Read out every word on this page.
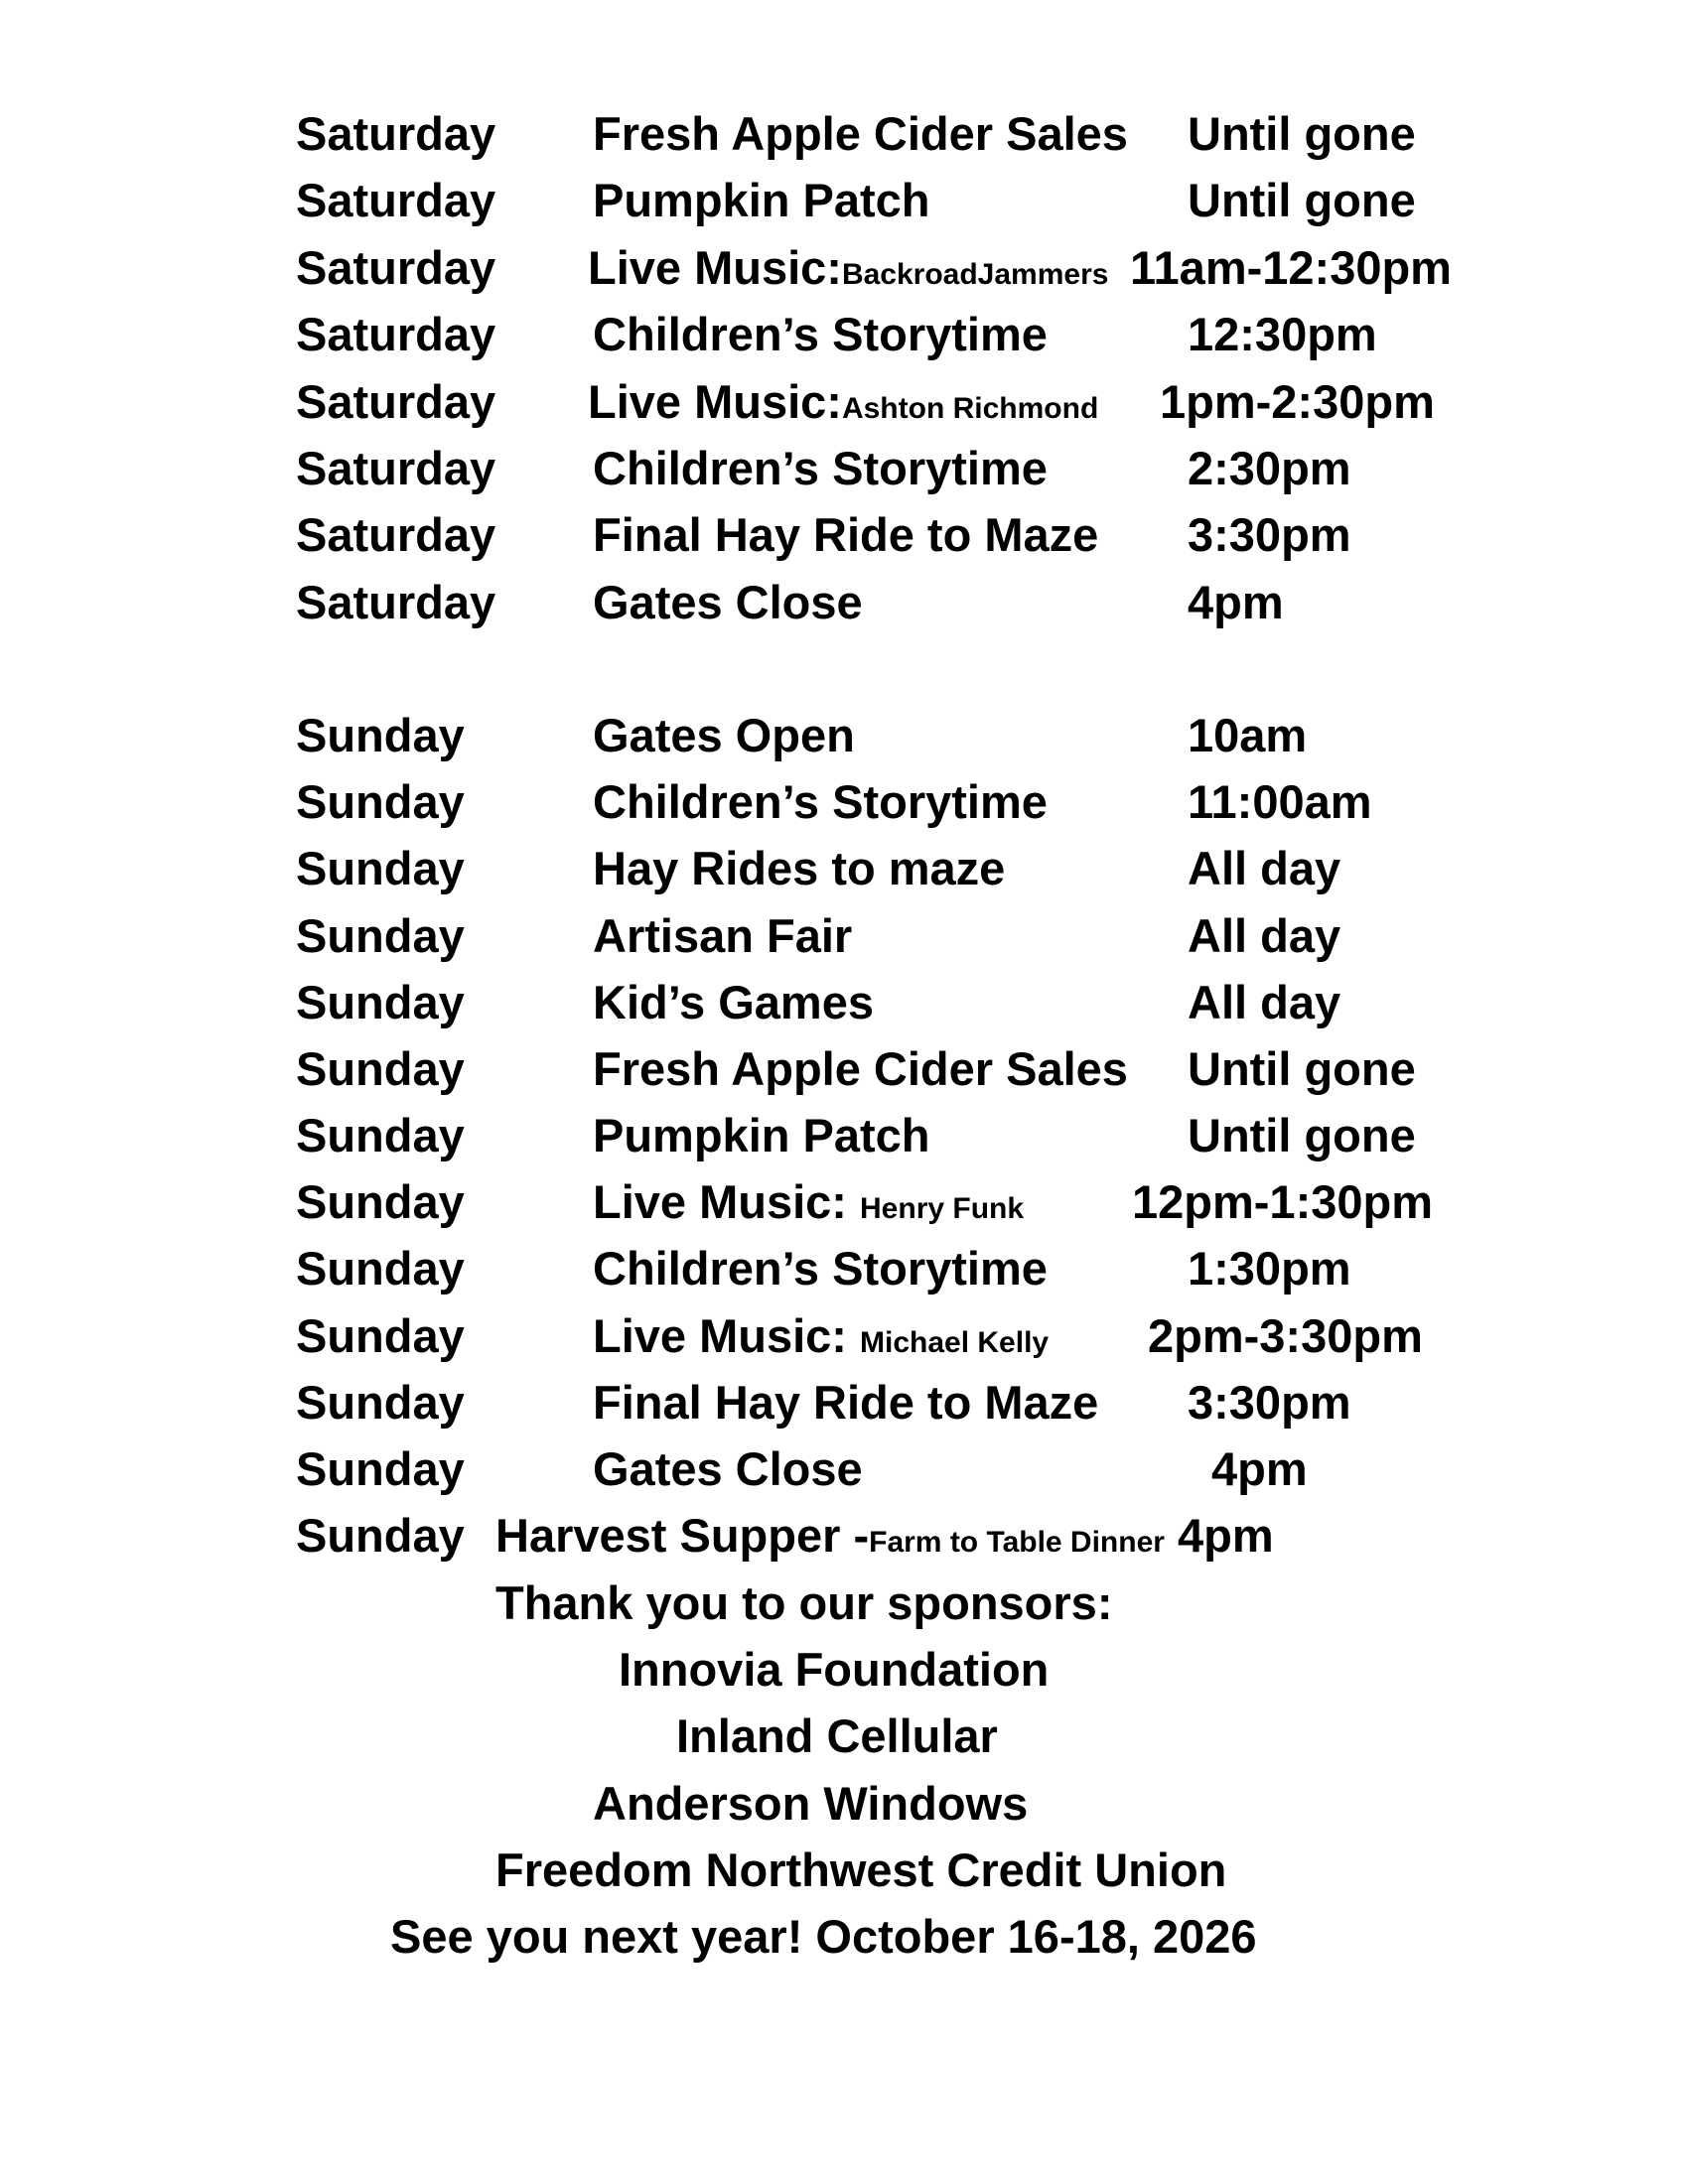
Saturday Fresh Apple Cider Sales Until gone
Saturday Pumpkin Patch	Until gone
Saturday Live Music:BackroadJammers 11am-12:30pm
Saturday Children’s Storytime	12:30pm
Saturday Live Music:Ashton Richmond 1pm-2:30pm
Saturday Children’s Storytime	2:30pm
Saturday Final Hay Ride to Maze 3:30pm
Saturday Gates Close	4pm
Sunday	Gates Open	10am
Sunday	Children’s Storytime	11:00am
Sunday	Hay Rides to maze	All day
Sunday	Artisan Fair	All day
Sunday	Kid’s Games	All day
Sunday	Fresh Apple Cider Sales Until gone
Sunday	Pumpkin Patch	Until gone
Sunday	Live Music: Henry Funk 12pm-1:30pm
Sunday	Children’s Storytime	1:30pm
Sunday	Live Music: Michael Kelly 2pm-3:30pm
Sunday	Final Hay Ride to Maze 3:30pm
Sunday	Gates Close	4pm
Sunday Harvest Supper -Farm to Table Dinner 4pm
Thank you to our sponsors:
Innovia Foundation
Inland Cellular
Anderson Windows
Freedom Northwest Credit Union
See you next year! October 16-18, 2026
